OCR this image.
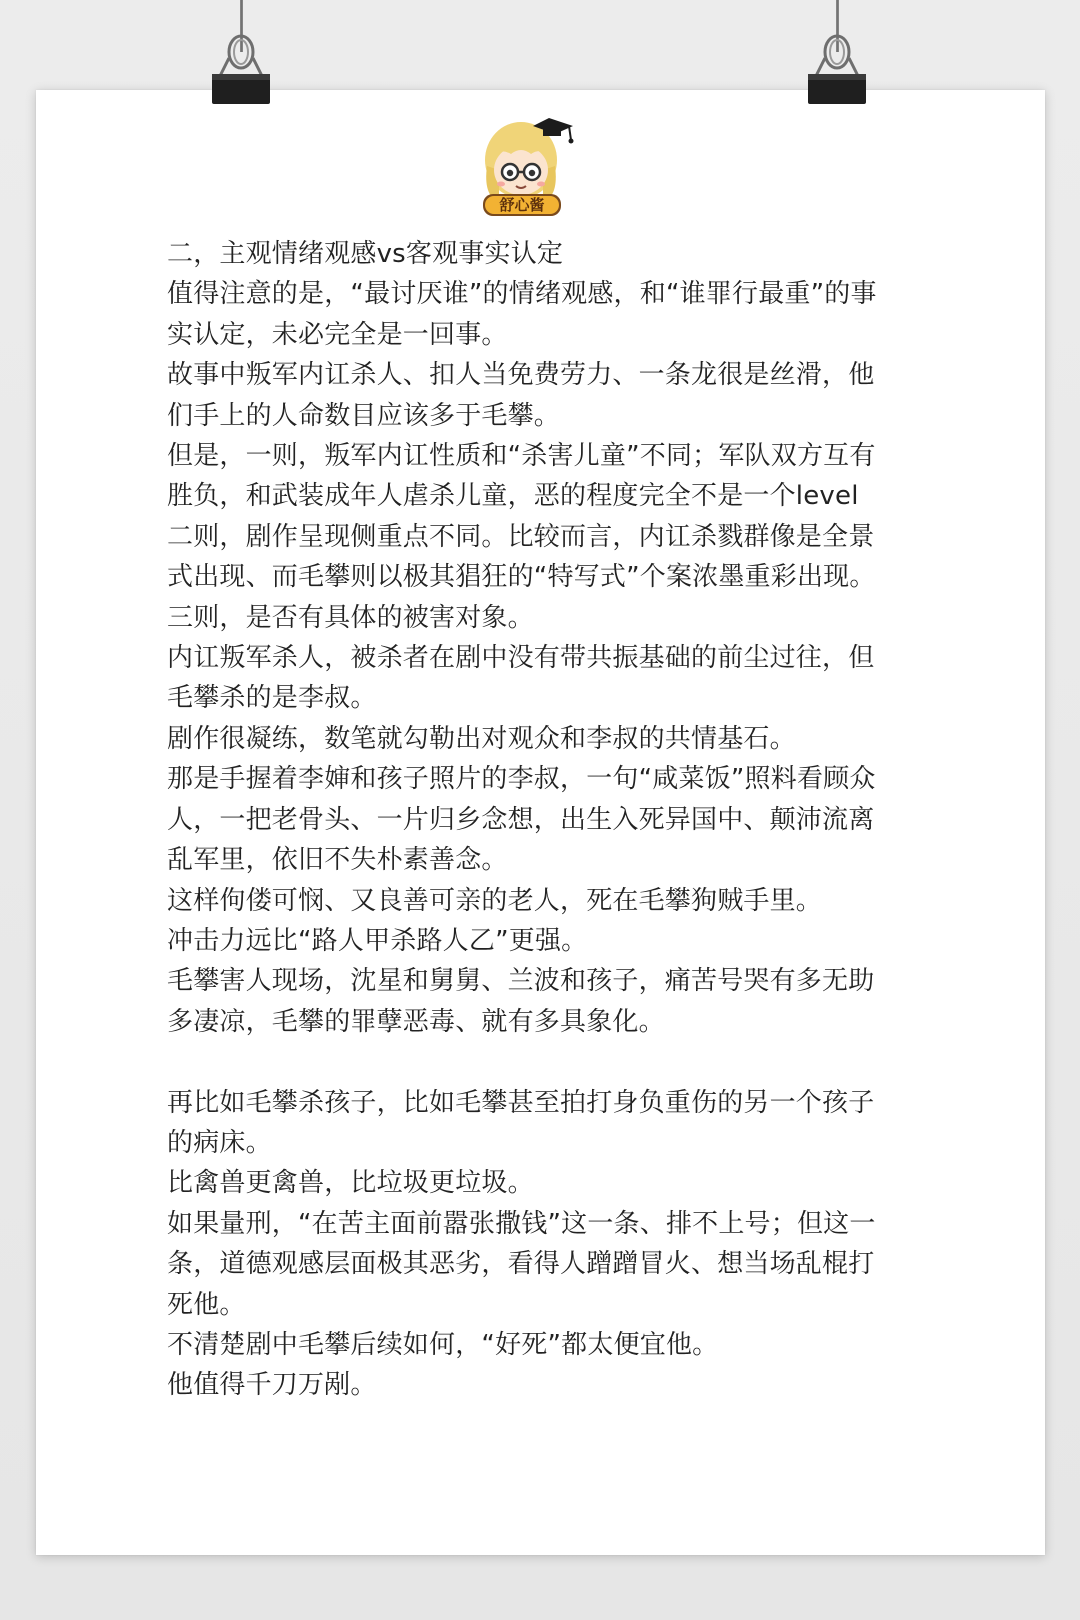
舒心酱

二，主观情绪观感vs客观事实认定

值得注意的是，“最讨厌谁”的情绪观感，和“谁罪行最重”的事实认定，未必完全是一回事。

故事中叛军内讧杀人、扣人当免费劳力、一条龙很是丝滑，他们手上的人命数目应该多于毛攀。

但是，一则，叛军内讧性质和“杀害儿童”不同；军队双方互有胜负，和武装成年人虐杀儿童，恶的程度完全不是一个level

二则，剧作呈现侧重点不同。比较而言，内讧杀戮群像是全景式出现、而毛攀则以极其猖狂的“特写式”个案浓墨重彩出现。

三则，是否有具体的被害对象。

内讧叛军杀人，被杀者在剧中没有带共振基础的前尘过往，但毛攀杀的是李叔。

剧作很凝练，数笔就勾勒出对观众和李叔的共情基石。

那是手握着李婶和孩子照片的李叔，一句“咸菜饭”照料看顾众人，一把老骨头、一片归乡念想，出生入死异国中、颠沛流离乱军里，依旧不失朴素善念。

这样佝偻可悯、又良善可亲的老人，死在毛攀狗贼手里。

冲击力远比“路人甲杀路人乙”更强。

毛攀害人现场，沈星和舅舅、兰波和孩子，痛苦号哭有多无助多凄凉，毛攀的罪孽恶毒、就有多具象化。

再比如毛攀杀孩子，比如毛攀甚至拍打身负重伤的另一个孩子的病床。

比禽兽更禽兽，比垃圾更垃圾。

如果量刑，“在苦主面前嚣张撒钱”这一条、排不上号；但这一条，道德观感层面极其恶劣，看得人蹭蹭冒火、想当场乱棍打死他。

不清楚剧中毛攀后续如何，“好死”都太便宜他。

他值得千刀万剐。
